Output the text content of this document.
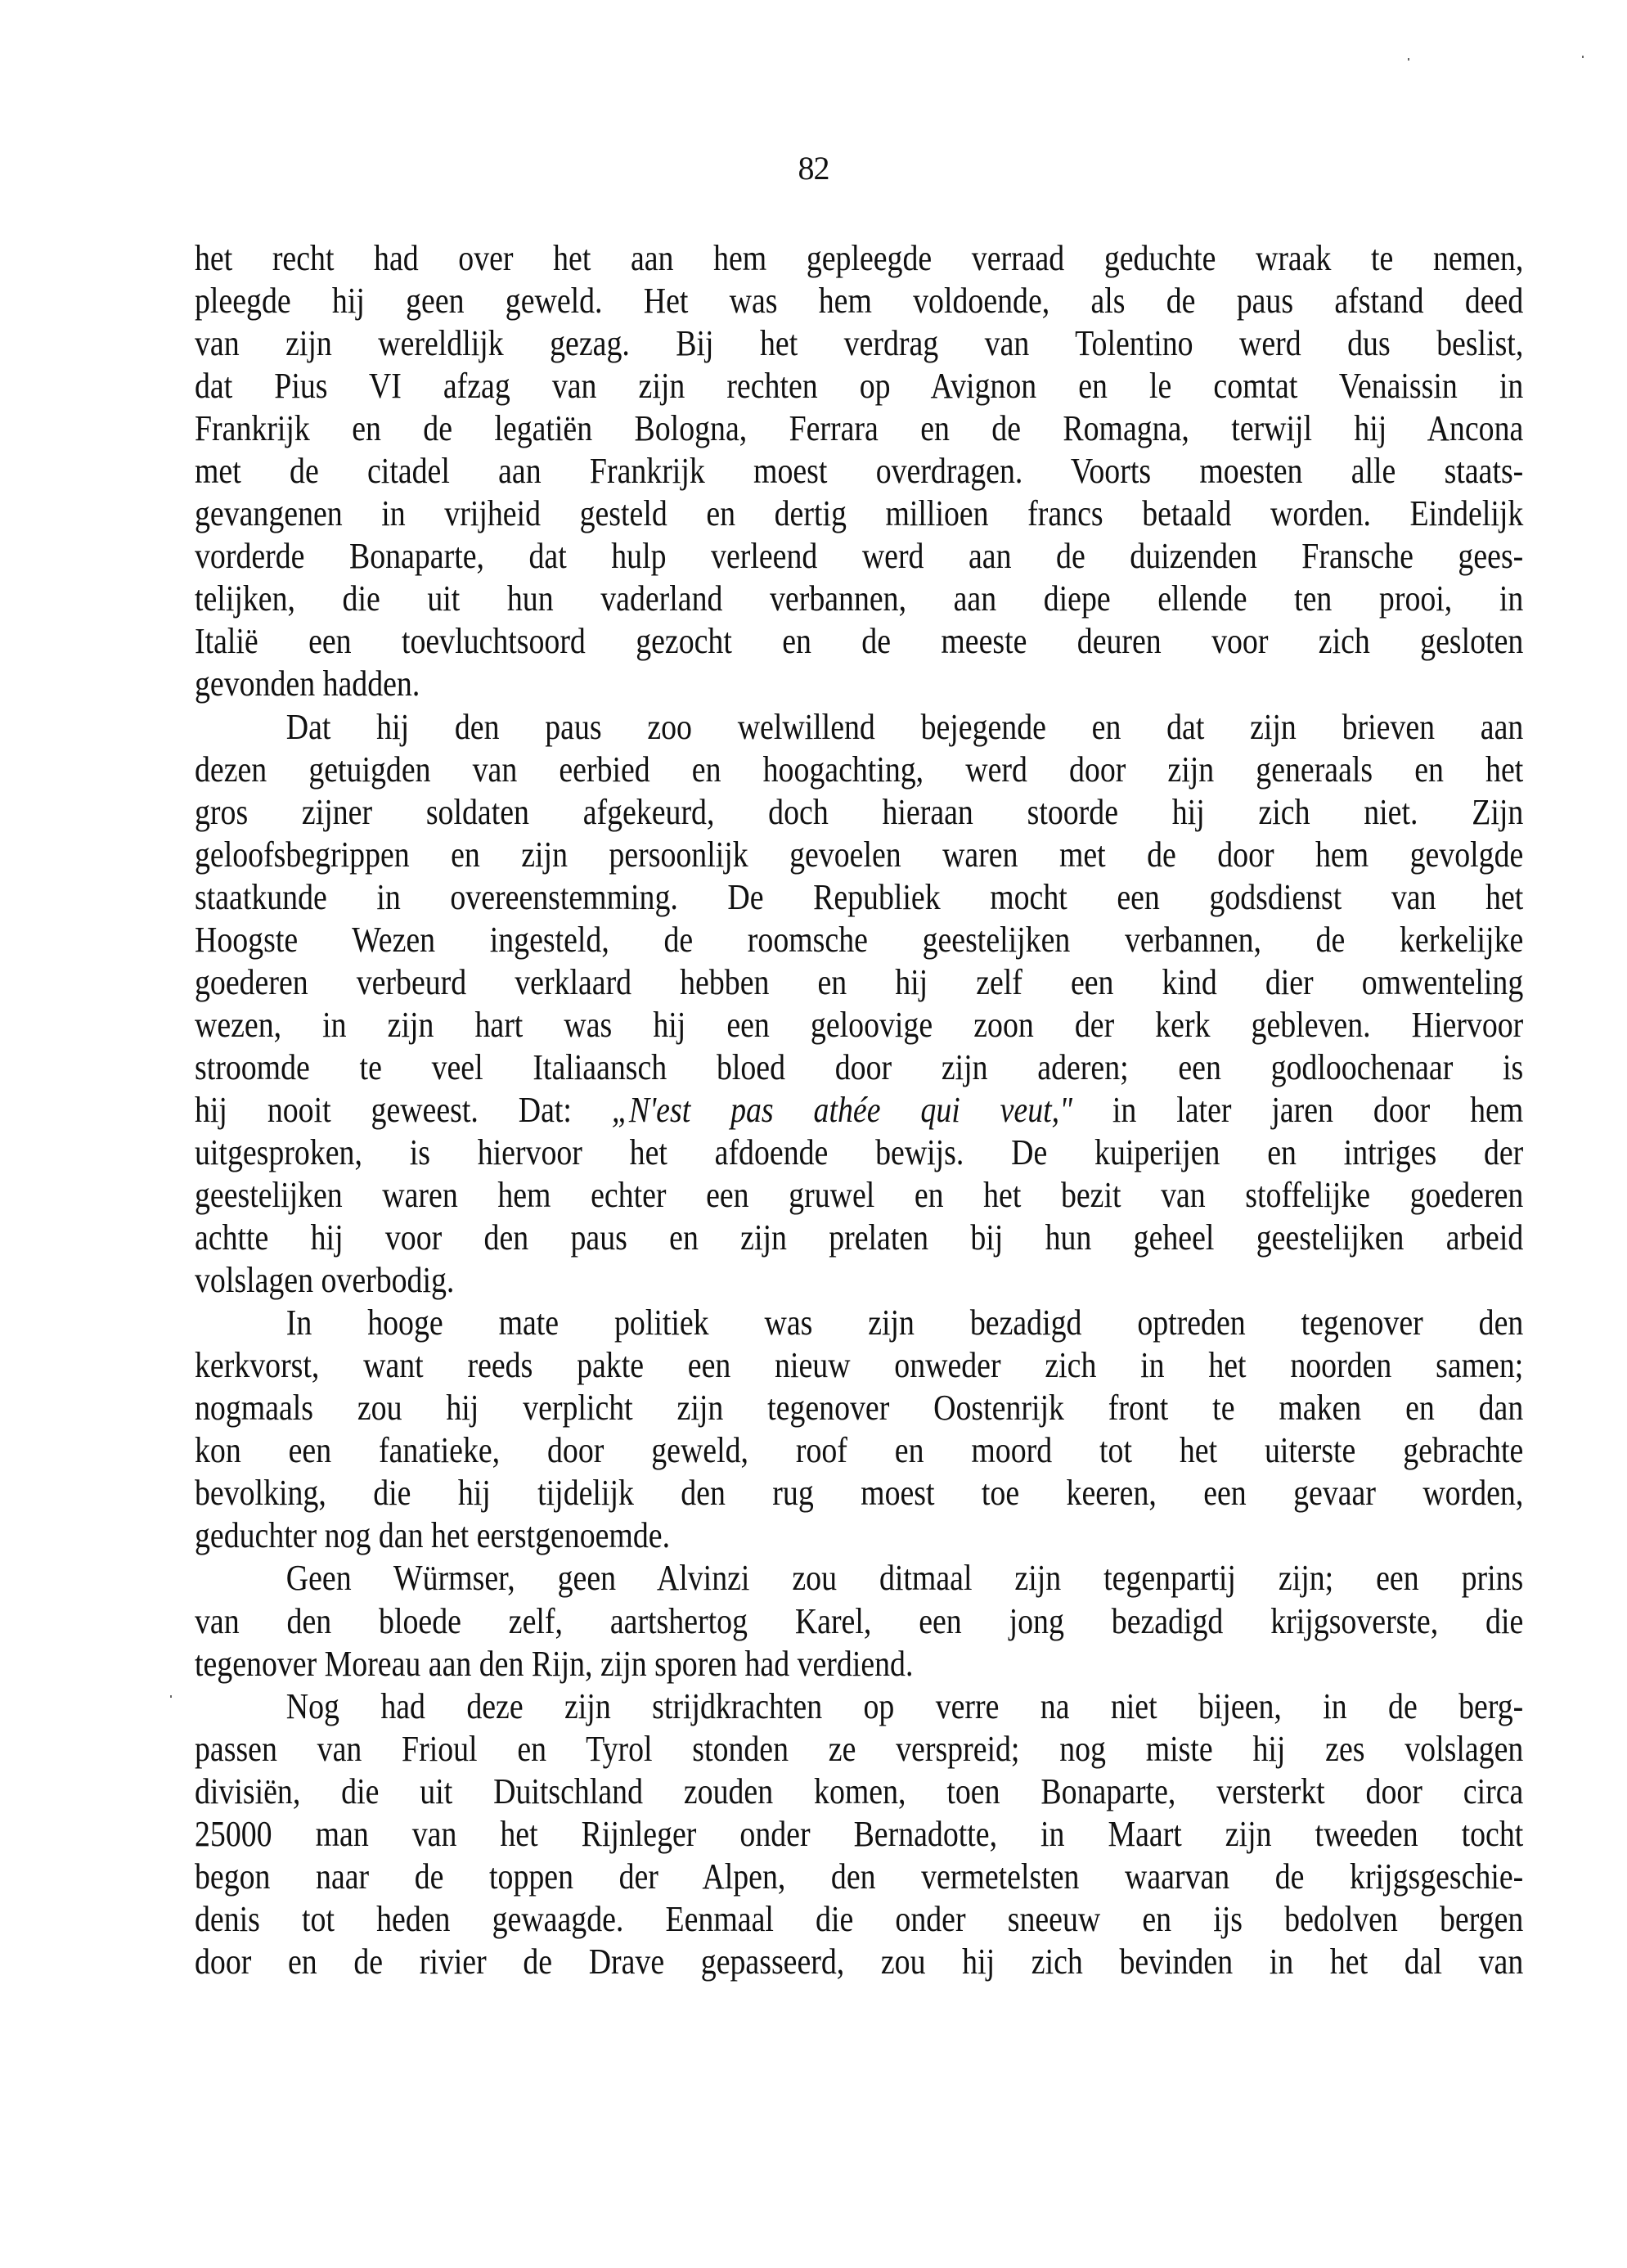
82
het recht had over het aan hem gepleegde verraad geduchte wraak te nemen,
pleegde hij geen geweld. Het was hem voldoende, als de paus afstand deed
van zijn wereldlijk gezag. Bij het verdrag van Tolentino werd dus beslist,
dat Pius VI afzag van zijn rechten op Avignon en le comtat Venaissin in
Frankrijk en de legatiën Bologna, Ferrara en de Romagna, terwijl hij Ancona
met de citadel aan Frankrijk moest overdragen. Voorts moesten alle staats-
gevangenen in vrijheid gesteld en dertig millioen francs betaald worden. Eindelijk
vorderde Bonaparte, dat hulp verleend werd aan de duizenden Fransche gees-
telijken, die uit hun vaderland verbannen, aan diepe ellende ten prooi, in
Italië een toevluchtsoord gezocht en de meeste deuren voor zich gesloten
gevonden hadden.
Dat hij den paus zoo welwillend bejegende en dat zijn brieven aan
dezen getuigden van eerbied en hoogachting, werd door zijn generaals en het
gros zijner soldaten afgekeurd, doch hieraan stoorde hij zich niet. Zijn
geloofsbegrippen en zijn persoonlijk gevoelen waren met de door hem gevolgde
staatkunde in overeenstemming. De Republiek mocht een godsdienst van het
Hoogste Wezen ingesteld, de roomsche geestelijken verbannen, de kerkelijke
goederen verbeurd verklaard hebben en hij zelf een kind dier omwenteling
wezen, in zijn hart was hij een geloovige zoon der kerk gebleven. Hiervoor
stroomde te veel Italiaansch bloed door zijn aderen; een godloochenaar is
hij nooit geweest. Dat: „N'est pas athée qui veut," in later jaren door hem
uitgesproken, is hiervoor het afdoende bewijs. De kuiperijen en intriges der
geestelijken waren hem echter een gruwel en het bezit van stoffelijke goederen
achtte hij voor den paus en zijn prelaten bij hun geheel geestelijken arbeid
volslagen overbodig.
In hooge mate politiek was zijn bezadigd optreden tegenover den
kerkvorst, want reeds pakte een nieuw onweder zich in het noorden samen;
nogmaals zou hij verplicht zijn tegenover Oostenrijk front te maken en dan
kon een fanatieke, door geweld, roof en moord tot het uiterste gebrachte
bevolking, die hij tijdelijk den rug moest toe keeren, een gevaar worden,
geduchter nog dan het eerstgenoemde.
Geen Würmser, geen Alvinzi zou ditmaal zijn tegenpartij zijn; een prins
van den bloede zelf, aartshertog Karel, een jong bezadigd krijgsoverste, die
tegenover Moreau aan den Rijn, zijn sporen had verdiend.
Nog had deze zijn strijdkrachten op verre na niet bijeen, in de berg-
passen van Frioul en Tyrol stonden ze verspreid; nog miste hij zes volslagen
divisiën, die uit Duitschland zouden komen, toen Bonaparte, versterkt door circa
25000 man van het Rijnleger onder Bernadotte, in Maart zijn tweeden tocht
begon naar de toppen der Alpen, den vermetelsten waarvan de krijgsgeschie-
denis tot heden gewaagde. Eenmaal die onder sneeuw en ijs bedolven bergen
door en de rivier de Drave gepasseerd, zou hij zich bevinden in het dal van
